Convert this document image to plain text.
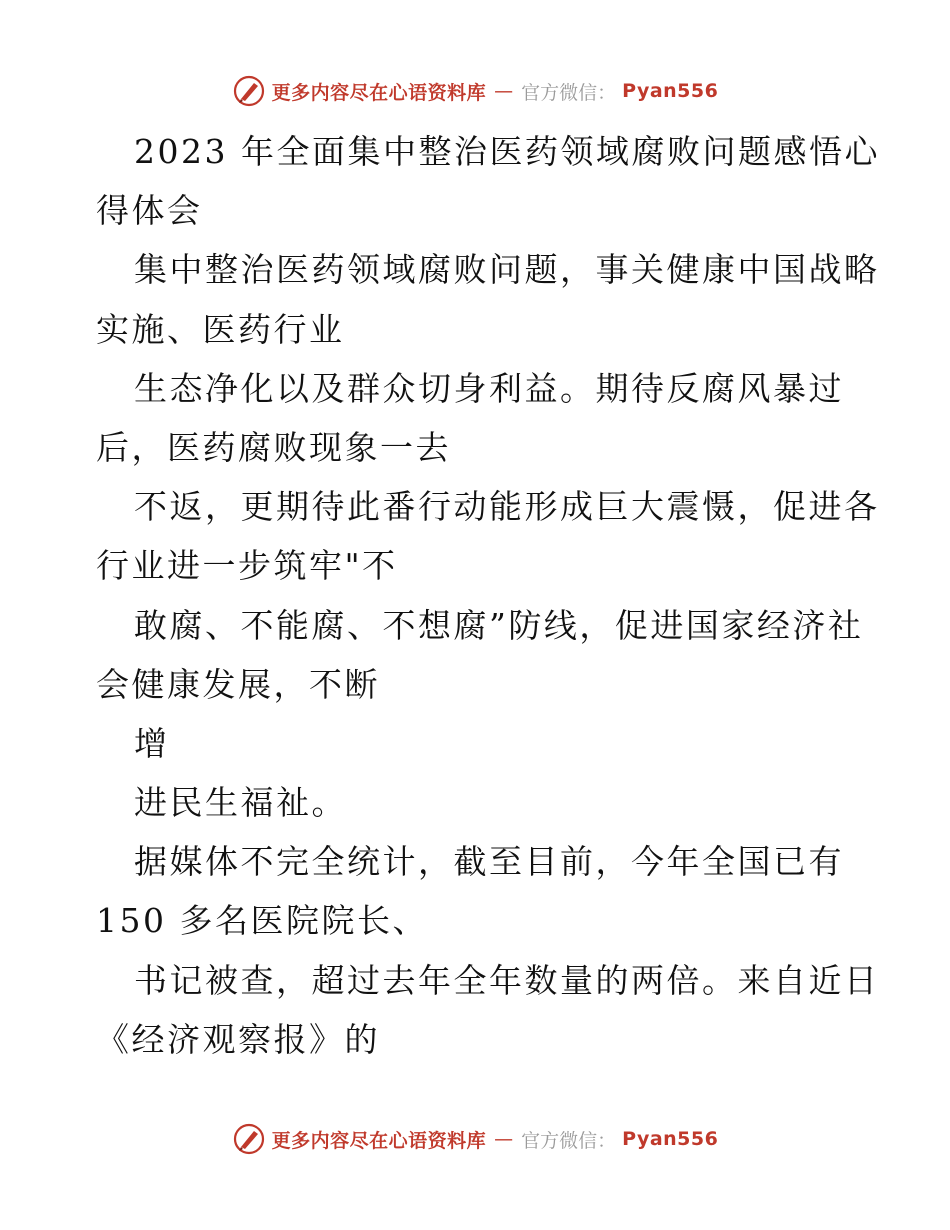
更多内容尽在心语资料库 — 官方微信： Pyan556
2023 年全面集中整治医药领域腐败问题感悟心
得体会
集中整治医药领域腐败问题，事关健康中国战略
实施、医药行业
生态净化以及群众切身利益。期待反腐风暴过
后，医药腐败现象一去
不返，更期待此番行动能形成巨大震慑，促进各
行业进一步筑牢"不
敢腐、不能腐、不想腐”防线，促进国家经济社
会健康发展，不断
增
进民生福祉。
据媒体不完全统计，截至目前，今年全国已有
150 多名医院院长、
书记被查，超过去年全年数量的两倍。来自近日
《经济观察报》的
更多内容尽在心语资料库 — 官方微信： Pyan556
